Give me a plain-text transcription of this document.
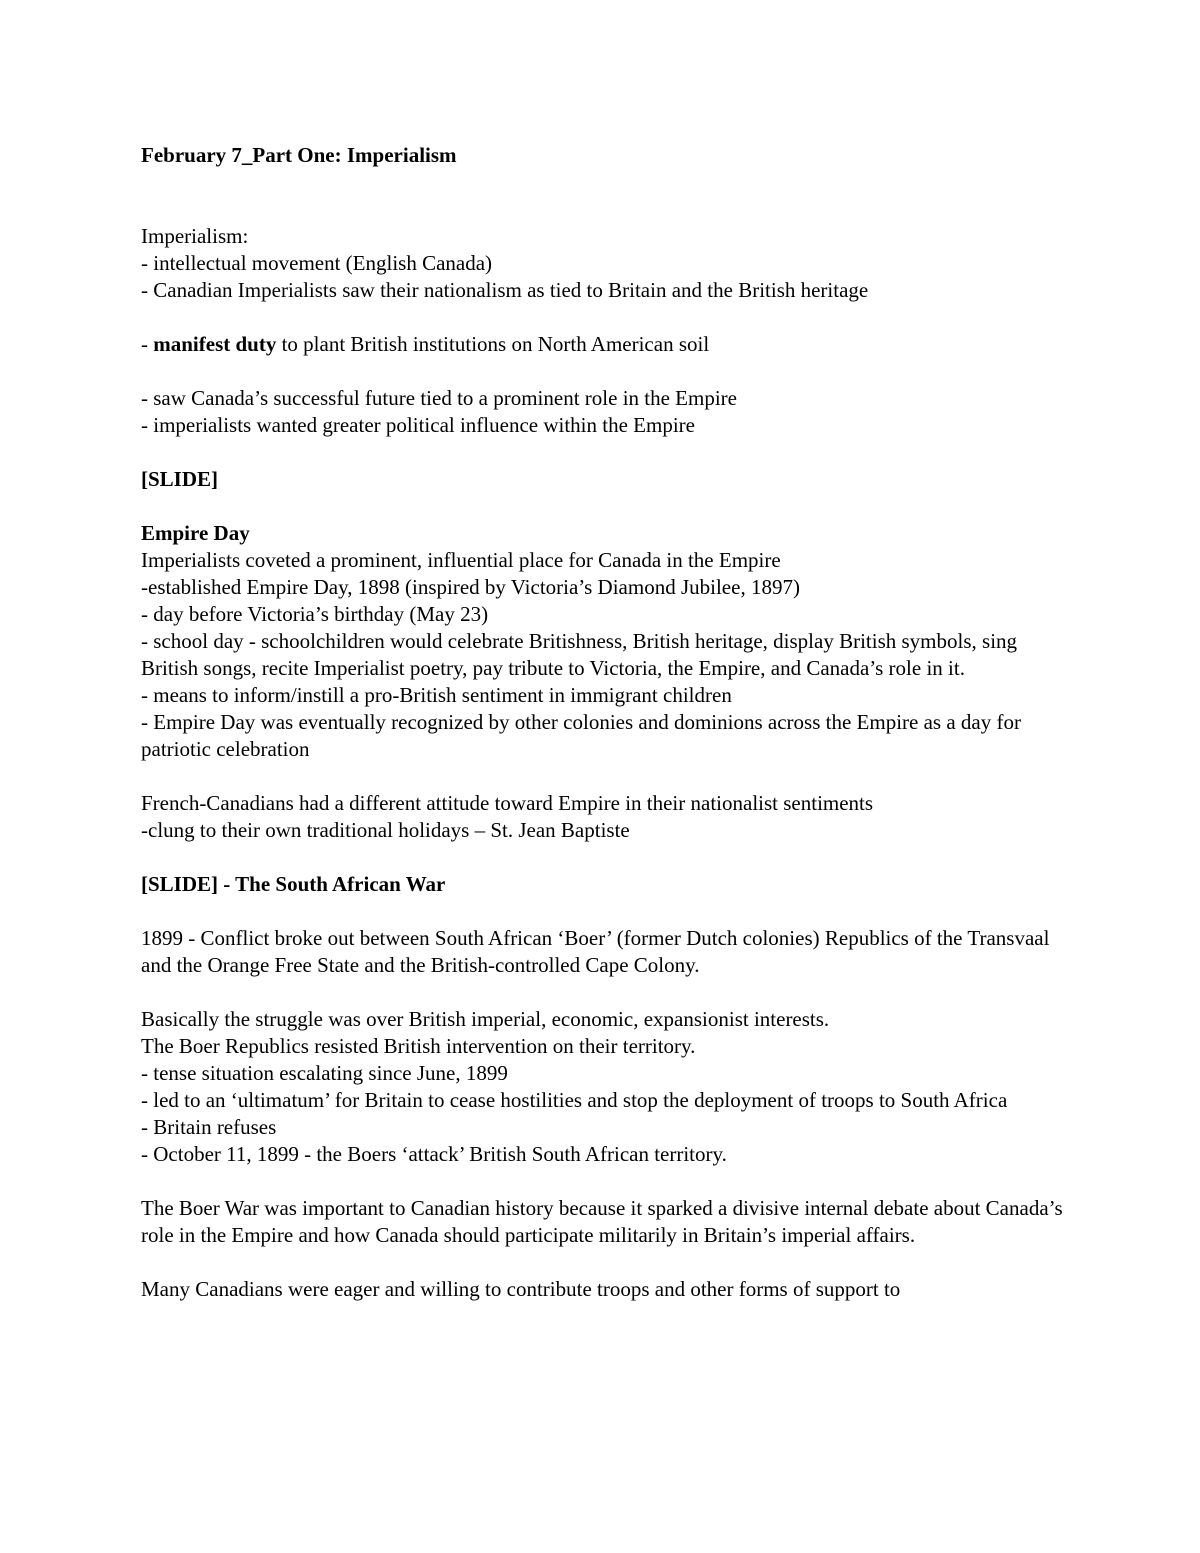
February 7_Part One: Imperialism

Imperialism:

- intellectual movement (English Canada)

- Canadian Imperialists saw their nationalism as tied to Britain and the British heritage

- manifest duty to plant British institutions on North American soil

- saw Canada’s successful future tied to a prominent role in the Empire

- imperialists wanted greater political influence within the Empire

[SLIDE]

Empire Day

Imperialists coveted a prominent, influential place for Canada in the Empire

-established Empire Day, 1898 (inspired by Victoria’s Diamond Jubilee, 1897)

- day before Victoria’s birthday (May 23)

- school day - schoolchildren would celebrate Britishness, British heritage, display British symbols, sing British songs, recite Imperialist poetry, pay tribute to Victoria, the Empire, and Canada’s role in it.

- means to inform/instill a pro-British sentiment in immigrant children

- Empire Day was eventually recognized by other colonies and dominions across the Empire as a day for patriotic celebration

French-Canadians had a different attitude toward Empire in their nationalist sentiments

-clung to their own traditional holidays – St. Jean Baptiste

[SLIDE] - The South African War

1899 - Conflict broke out between South African ‘Boer’ (former Dutch colonies) Republics of the Transvaal and the Orange Free State and the British-controlled Cape Colony.

Basically the struggle was over British imperial, economic, expansionist interests.

The Boer Republics resisted British intervention on their territory.

- tense situation escalating since June, 1899

- led to an ‘ultimatum’ for Britain to cease hostilities and stop the deployment of troops to South Africa

- Britain refuses

- October 11, 1899 - the Boers ‘attack’ British South African territory.

The Boer War was important to Canadian history because it sparked a divisive internal debate about Canada’s role in the Empire and how Canada should participate militarily in Britain’s imperial affairs.

Many Canadians were eager and willing to contribute troops and other forms of support to
